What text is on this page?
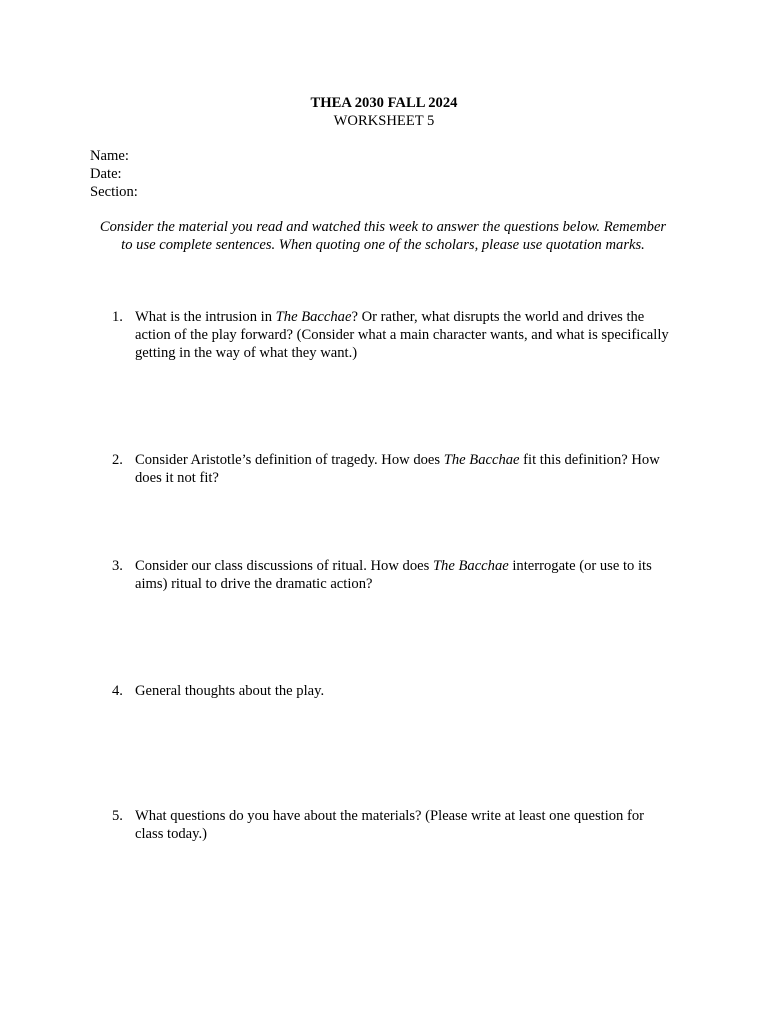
THEA 2030 FALL 2024
WORKSHEET 5
Name:
Date:
Section:
Consider the material you read and watched this week to answer the questions below. Remember to use complete sentences. When quoting one of the scholars, please use quotation marks.
1. What is the intrusion in The Bacchae? Or rather, what disrupts the world and drives the action of the play forward? (Consider what a main character wants, and what is specifically getting in the way of what they want.)
2. Consider Aristotle’s definition of tragedy. How does The Bacchae fit this definition? How does it not fit?
3. Consider our class discussions of ritual. How does The Bacchae interrogate (or use to its aims) ritual to drive the dramatic action?
4. General thoughts about the play.
5. What questions do you have about the materials? (Please write at least one question for class today.)
